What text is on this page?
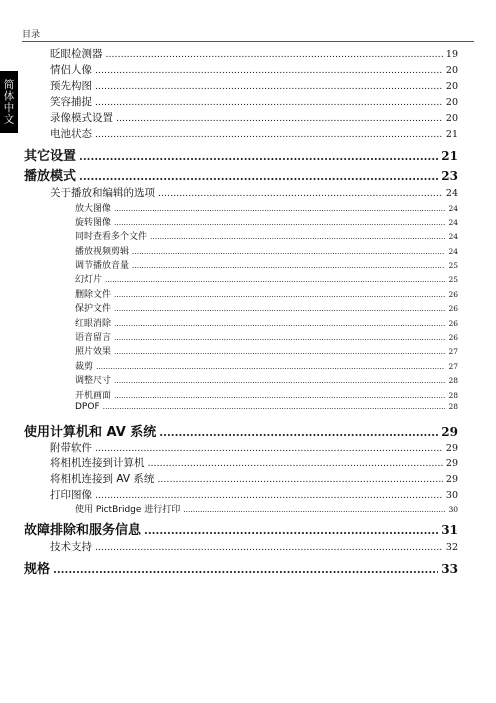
目录
简体中文
眨眼检测器 .....	19
情侣人像 .....	20
预先构图 .....	20
笑容捕捉 .....	20
录像模式设置 .....	20
电池状态 .....	21
其它设置 .....	21
播放模式 .....	23
关于播放和编辑的选项 .....	24
放大图像 .....	24
旋转图像 .....	24
同时查看多个文件 .....	24
播放视频剪辑 .....	24
调节播放音量 .....	25
幻灯片 .....	25
删除文件 .....	26
保护文件 .....	26
红眼消除 .....	26
语音留言 .....	26
照片效果 .....	27
裁剪 .....	27
调整尺寸 .....	28
开机画面 .....	28
DPOF .....	28
使用计算机和 AV 系统 .....	29
附带软件 .....	29
将相机连接到计算机 .....	29
将相机连接到 AV 系统 .....	29
打印图像 .....	30
使用 PictBridge 进行打印 .....	30
故障排除和服务信息 .....	31
技术支持 .....	32
规格 .....	33
